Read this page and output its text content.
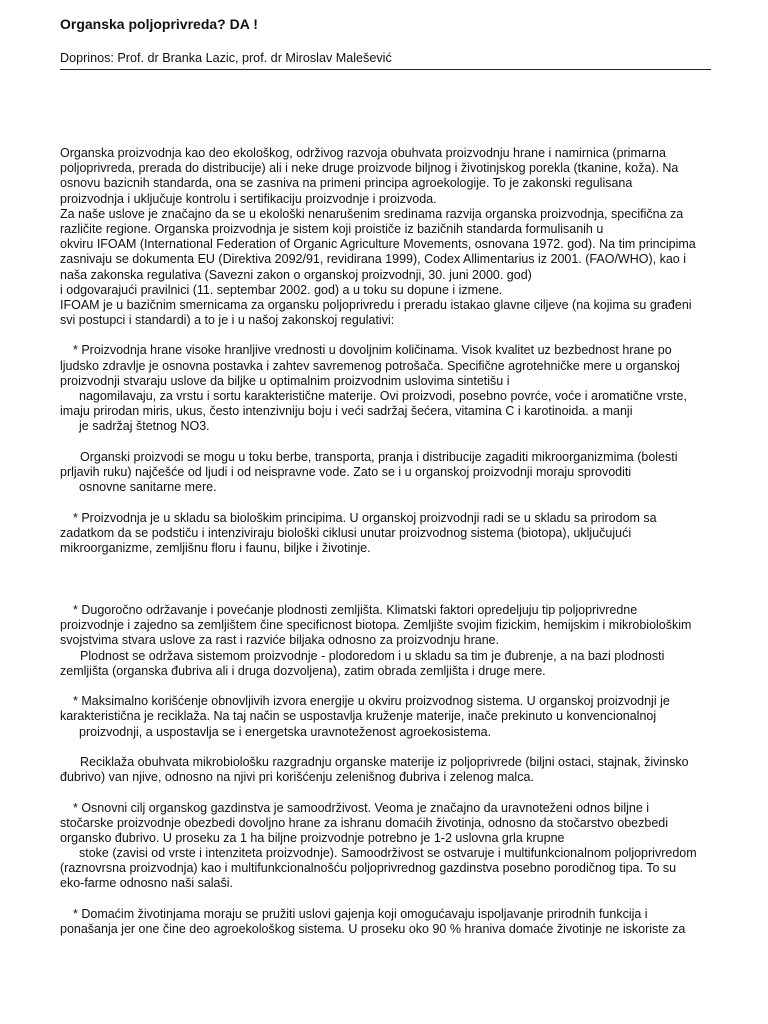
Organska poljoprivreda? DA !

Doprinos: Prof. dr Branka Lazic, prof. dr Miroslav Malešević

Organska proizvodnja kao deo ekološkog, održivog razvoja obuhvata proizvodnju hrane i namirnica (primarna
poljoprivreda, prerada do distribucije) ali i neke druge proizvode biljnog i životinjskog porekla (tkanine, koža). Na
osnovu bazicnih standarda, ona se zasniva na primeni principa agroekologije. To je zakonski regulisana
proizvodnja i uključuje kontrolu i sertifikaciju proizvodnje i proizvoda.
Za naše uslove je značajno da se u ekološki nenarušenim sredinama razvija organska proizvodnja, specifična za
različite regione. Organska proizvodnja je sistem koji proističe iz bazičnih standarda formulisanih u
okviru IFOAM (International Federation of Organic Agriculture Movements, osnovana 1972. god). Na tim principima
zasnivaju se dokumenta EU (Direktiva 2092/91, revidirana 1999), Codex Allimentarius iz 2001. (FAO/WHO), kao i
naša zakonska regulativa (Savezni zakon o organskoj proizvodnji, 30. juni 2000. god)
i odgovarajući pravilnici (11. septembar 2002. god) a u toku su dopune i izmene.
IFOAM je u bazičnim smernicama za organsku poljoprivredu i preradu istakao glavne ciljeve (na kojima su građeni
svi postupci i standardi) a to je i u našoj zakonskoj regulativi:
* Proizvodnja hrane visoke hranljive vrednosti u dovoljnim količinama. Visok kvalitet uz bezbednost hrane po
ljudsko zdravlje je osnovna postavka i zahtev savremenog potrošača. Specifične agrotehničke mere u organskoj
proizvodnji stvaraju uslove da biljke u optimalnim proizvodnim uslovima sintetišu i
nagomilavaju, za vrstu i sortu karakteristične materije. Ovi proizvodi, posebno povrće, voće i aromatične vrste,
imaju prirodan miris, ukus, često intenzivniju boju i veći sadržaj šećera, vitamina C i karotinoida. a manji
je sadržaj štetnog NO3.
Organski proizvodi se mogu u toku berbe, transporta, pranja i distribucije zagaditi mikroorganizmima (bolesti
prljavih ruku) najčešće od ljudi i od neispravne vode. Zato se i u organskoj proizvodnji moraju sprovoditi
osnovne sanitarne mere.
* Proizvodnja je u skladu sa biološkim principima. U organskoj proizvodnji radi se u skladu sa prirodom sa
zadatkom da se podstiču i intenziviraju biološki ciklusi unutar proizvodnog sistema (biotopa), uključujući
mikroorganizme, zemljišnu floru i faunu, biljke i životinje.
* Dugoročno održavanje i povećanje plodnosti zemljišta. Klimatski faktori opredeljuju tip poljoprivredne
proizvodnje i zajedno sa zemljištem čine specificnost biotopa. Zemljište svojim fizickim, hemijskim i mikrobiološkim
svojstvima stvara uslove za rast i razviće biljaka odnosno za proizvodnju hrane.
Plodnost se održava sistemom proizvodnje - plodoredom i u skladu sa tim je đubrenje, a na bazi plodnosti
zemljišta (organska đubriva ali i druga dozvoljena), zatim obrada zemljišta i druge mere.
* Maksimalno korišćenje obnovljivih izvora energije u okviru proizvodnog sistema. U organskoj proizvodnji je
karakteristična je reciklaža. Na taj način se uspostavlja kruženje materije, inače prekinuto u konvencionalnoj
proizvodnji, a uspostavlja se i energetska uravnoteženost agroekosistema.
Reciklaža obuhvata mikrobiološku razgradnju organske materije iz poljoprivrede (biljni ostaci, stajnak, živinsko
đubrivo) van njive, odnosno na njivi pri korišćenju zelenišnog đubriva i zelenog malca.
* Osnovni cilj organskog gazdinstva je samoodrživost. Veoma je značajno da uravnoteženi odnos biljne i
stočarske proizvodnje obezbedi dovoljno hrane za ishranu domaćih životinja, odnosno da stočarstvo obezbedi
organsko đubrivo. U proseku za 1 ha biljne proizvodnje potrebno je 1-2 uslovna grla krupne
stoke (zavisi od vrste i intenziteta proizvodnje). Samoodrživost se ostvaruje i multifunkcionalnom poljoprivredom
(raznovrsna proizvodnja) kao i multifunkcionalnošću poljoprivrednog gazdinstva posebno porodičnog tipa. To su
eko-farme odnosno naši salaši.
* Domaćim životinjama moraju se pružiti uslovi gajenja koji omogućavaju ispoljavanje prirodnih funkcija i
ponašanja jer one čine deo agroekološkog sistema. U proseku oko 90 % hraniva domaće životinje ne iskoriste za
